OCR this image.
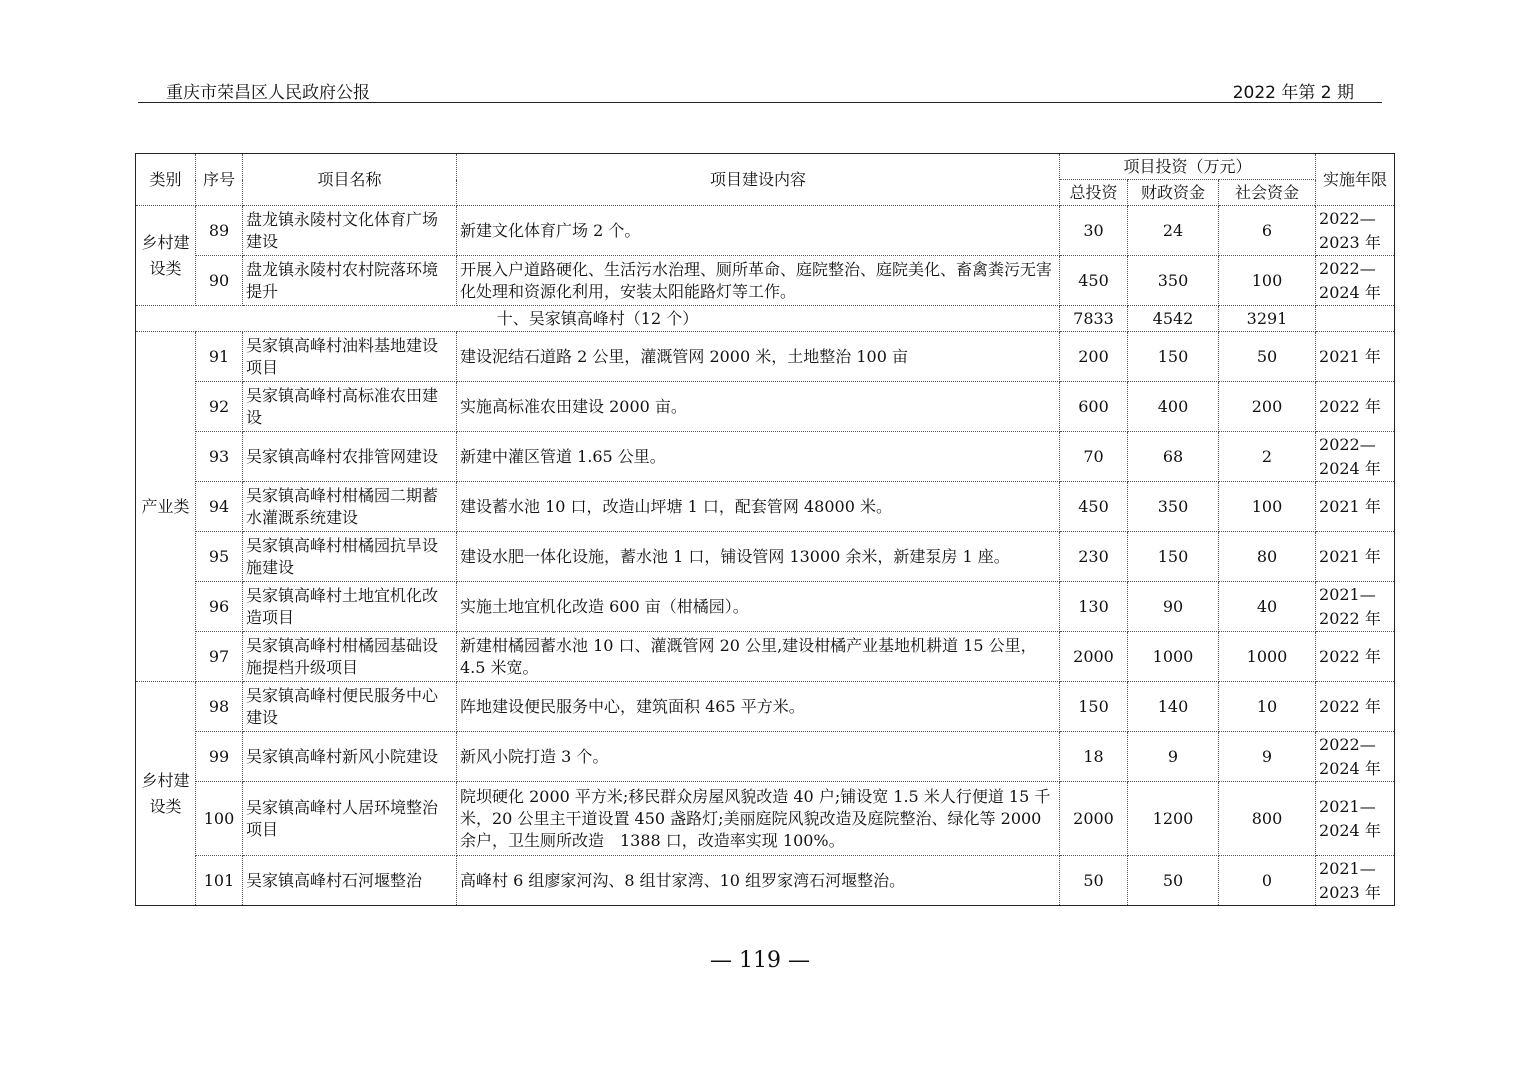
重庆市荣昌区人民政府公报	2022 年第 2 期
类别	序号	项目名称	项目建设内容	项目投资（万元）			实施年限
				总投资	财政资金	社会资金	
乡村建设类	89	盘龙镇永陵村文化体育广场建设	新建文化体育广场 2 个。	30	24	6	2022—2023 年
	90	盘龙镇永陵村农村院落环境提升	开展入户道路硬化、生活污水治理、厕所革命、庭院整治、庭院美化、畜禽粪污无害化处理和资源化利用，安装太阳能路灯等工作。	450	350	100	2022—2024 年
十、吴家镇高峰村（12 个）				7833	4542	3291	
产业类	91	吴家镇高峰村油料基地建设项目	建设泥结石道路 2 公里，灌溉管网 2000 米，土地整治 100 亩	200	150	50	2021 年
	92	吴家镇高峰村高标准农田建设	实施高标准农田建设 2000 亩。	600	400	200	2022 年
	93	吴家镇高峰村农排管网建设	新建中灌区管道 1.65 公里。	70	68	2	2022—2024 年
	94	吴家镇高峰村柑橘园二期蓄水灌溉系统建设	建设蓄水池 10 口，改造山坪塘 1 口，配套管网 48000 米。	450	350	100	2021 年
	95	吴家镇高峰村柑橘园抗旱设施建设	建设水肥一体化设施，蓄水池 1 口，铺设管网 13000 余米，新建泵房 1 座。	230	150	80	2021 年
	96	吴家镇高峰村土地宜机化改造项目	实施土地宜机化改造 600 亩（柑橘园）。	130	90	40	2021—2022 年
	97	吴家镇高峰村柑橘园基础设施提档升级项目	新建柑橘园蓄水池 10 口、灌溉管网 20 公里,建设柑橘产业基地机耕道 15 公里，4.5 米宽。	2000	1000	1000	2022 年
乡村建设类	98	吴家镇高峰村便民服务中心建设	阵地建设便民服务中心，建筑面积 465 平方米。	150	140	10	2022 年
	99	吴家镇高峰村新风小院建设	新风小院打造 3 个。	18	9	9	2022—2024 年
	100	吴家镇高峰村人居环境整治项目	院坝硬化 2000 平方米;移民群众房屋风貌改造 40 户;铺设宽 1.5 米人行便道 15 千米，20 公里主干道设置 450 盏路灯;美丽庭院风貌改造及庭院整治、绿化等 2000 余户，卫生厕所改造　1388 口，改造率实现 100%。	2000	1200	800	2021—2024 年
	101	吴家镇高峰村石河堰整治	高峰村 6 组廖家河沟、8 组甘家湾、10 组罗家湾石河堰整治。	50	50	0	2021—2023 年
— 119 —
